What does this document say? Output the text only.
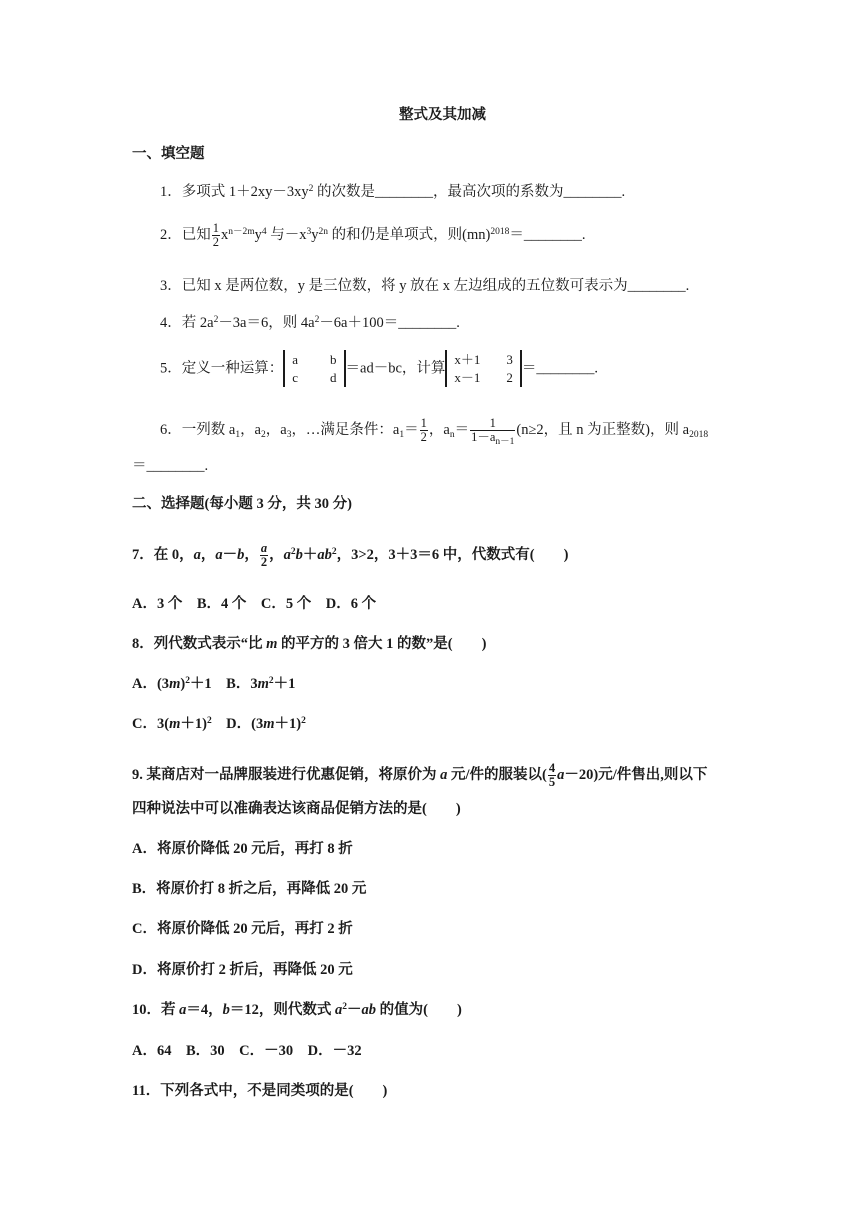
整式及其加减
一、填空题
1．多项式 $1+2xy-3xy^2$ 的次数是________，最高次项的系数为________.
2．已知 $\frac{1}{2} x^{n-2m}y^4$ 与$-x^3y^{2n}$ 的和仍是单项式，则(mn)$^{2018}$＝________.
3．已知 x 是两位数，y 是三位数，将 y 放在 x 左边组成的五位数可表示为________.
4．若 $2a^2-3a=6$，则 $4a^2-6a+100=\_\_\_\_\_\_\_\_$.
5．定义一种运算：
a	b
c	d
＝ad－bc，计算
x＋1	3
x－1	2
＝________.
6．一列数 $a_1$，$a_2$，$a_3$，…满足条件：$a_1= \frac{1}{2}$ ，$a_n= \frac{1}{1-a_{n-1}} (n\ge 2$，且 n 为正整数)，则 $a_{2018}$
＝________.
二、选择题(每小题 3 分，共 30 分)
7．在 0，a，a－b， $\frac{a}{2}$ ，$a^2b+ab^2$，3>2，3＋3＝6 中，代数式有(　　)
A．3 个　B．4 个　C．5 个　D．6 个
8．列代数式表示“比 m 的平方的 3 倍大 1 的数”是(　　)
A．$(3m)^2+1$　B．$3m^2+1$
C．$3(m+1)^2$　D．$(3m+1)^2$
9. 某商店对一品牌服装进行优惠促销，将原价为 a 元/件的服装以( $\frac{4}{5} a-20$)元/件售出,则以下
四种说法中可以准确表达该商品促销方法的是(　　)
A．将原价降低 20 元后，再打 8 折
B．将原价打 8 折之后，再降低 20 元
C．将原价降低 20 元后，再打 2 折
D．将原价打 2 折后，再降低 20 元
10．若 a＝4，b＝12，则代数式 $a^2-ab$ 的值为(　　)
A．64　B．30　C．－30　D．－32
11．下列各式中，不是同类项的是(　　)
